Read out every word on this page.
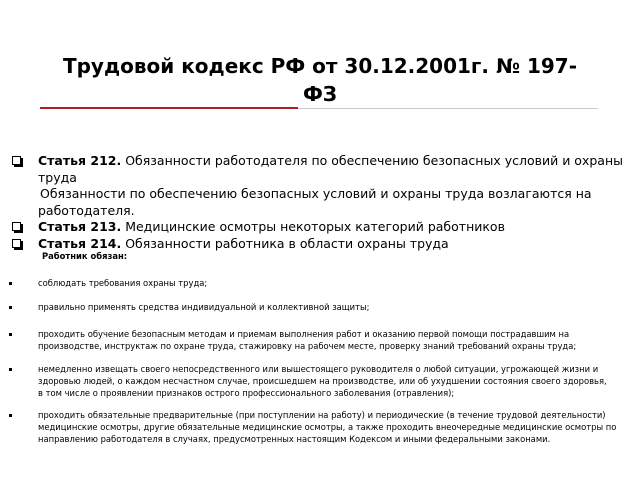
Трудовой кодекс РФ от 30.12.2001г. № 197-
ФЗ
Статья 212. Обязанности работодателя по обеспечению безопасных условий и охраны
труда
Обязанности по обеспечению безопасных условий и охраны труда возлагаются на
работодателя.
Статья 213. Медицинские осмотры некоторых категорий работников
Статья 214. Обязанности работника в области охраны труда
Работник обязан:
соблюдать требования охраны труда;
правильно применять средства индивидуальной и коллективной защиты;
проходить обучение безопасным методам и приемам выполнения работ и оказанию первой помощи пострадавшим на
производстве, инструктаж по охране труда, стажировку на рабочем месте, проверку знаний требований охраны труда;
немедленно извещать своего непосредственного или вышестоящего руководителя о любой ситуации, угрожающей жизни и
здоровью людей, о каждом несчастном случае, происшедшем на производстве, или об ухудшении состояния своего здоровья,
в том числе о проявлении признаков острого профессионального заболевания (отравления);
проходить обязательные предварительные (при поступлении на работу) и периодические (в течение трудовой деятельности)
медицинские осмотры, другие обязательные медицинские осмотры, а также проходить внеочередные медицинские осмотры по
направлению работодателя в случаях, предусмотренных настоящим Кодексом и иными федеральными законами.
